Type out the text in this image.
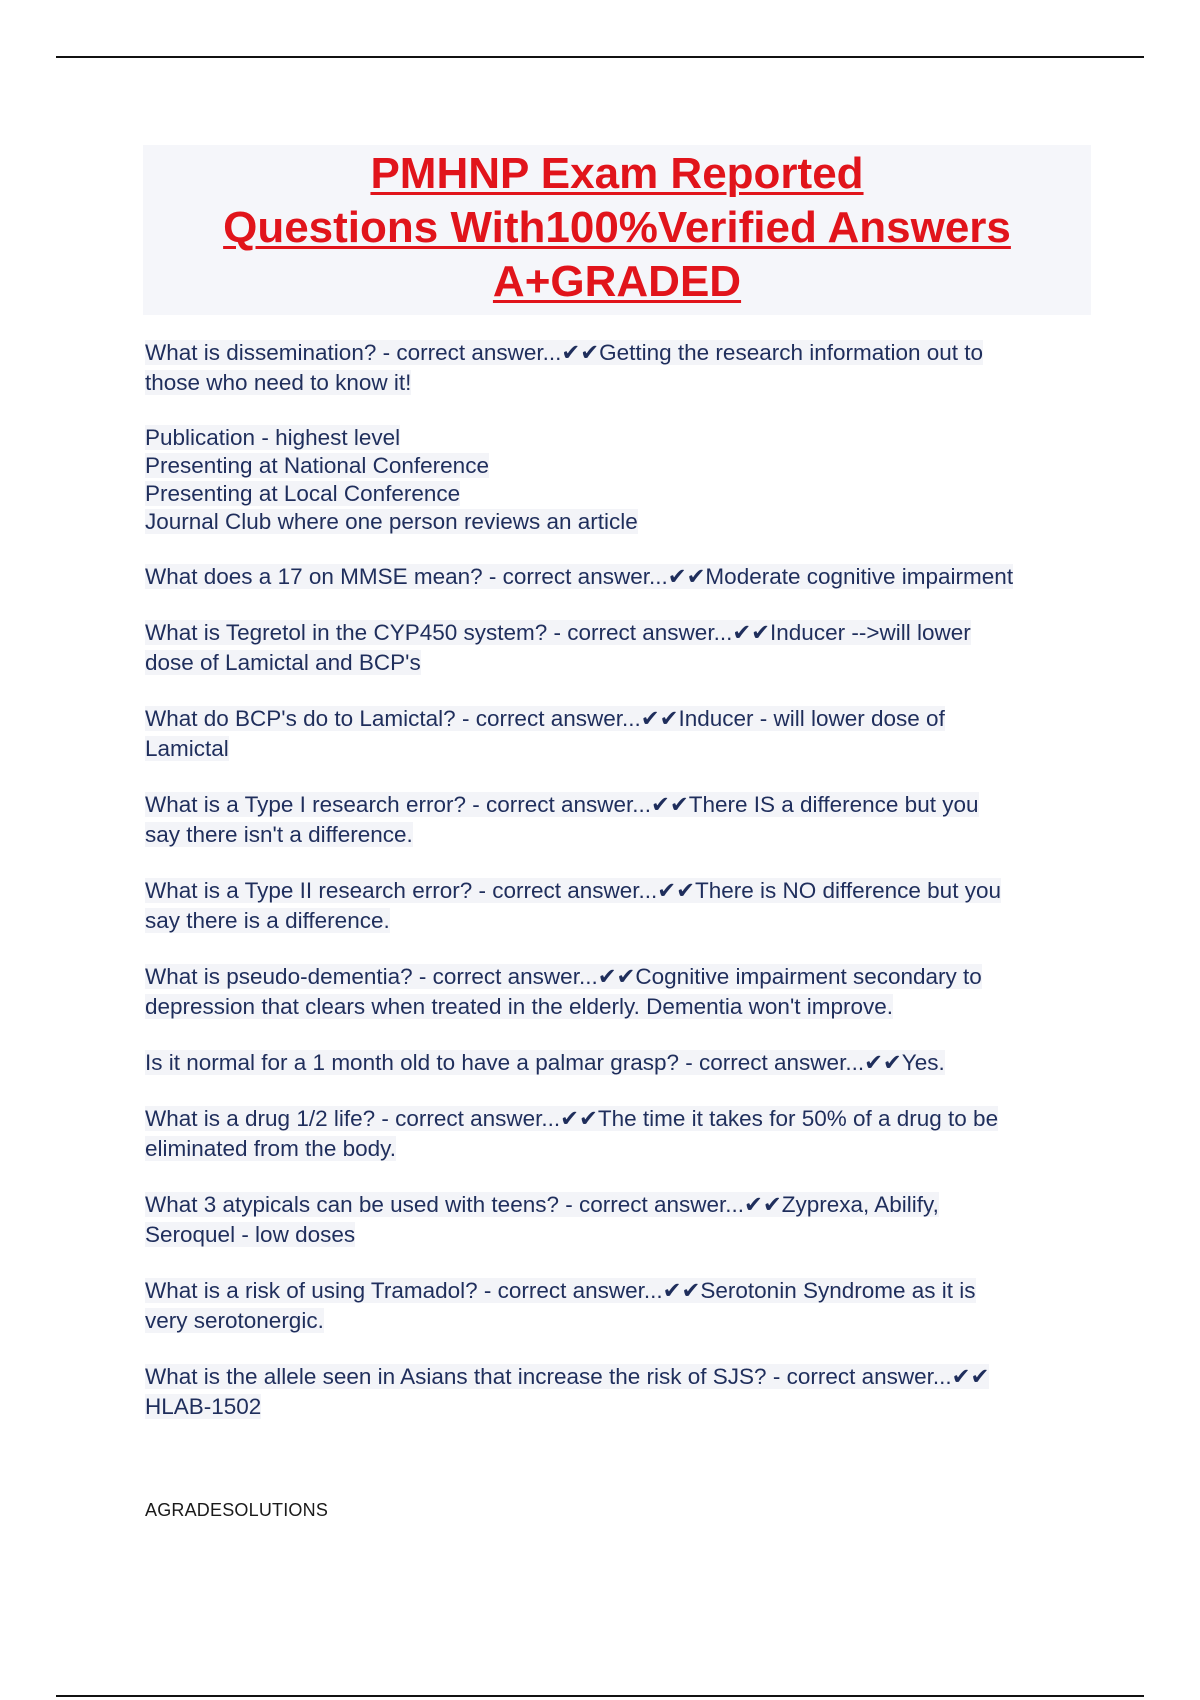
PMHNP Exam Reported
Questions With100%Verified Answers
A+GRADED
What is dissemination? - correct answer...✔✔Getting the research information out to
those who need to know it!
Publication - highest level
Presenting at National Conference
Presenting at Local Conference
Journal Club where one person reviews an article
What does a 17 on MMSE mean? - correct answer...✔✔Moderate cognitive impairment
What is Tegretol in the CYP450 system? - correct answer...✔✔Inducer -->will lower
dose of Lamictal and BCP's
What do BCP's do to Lamictal? - correct answer...✔✔Inducer - will lower dose of
Lamictal
What is a Type I research error? - correct answer...✔✔There IS a difference but you
say there isn't a difference.
What is a Type II research error? - correct answer...✔✔There is NO difference but you
say there is a difference.
What is pseudo-dementia? - correct answer...✔✔Cognitive impairment secondary to
depression that clears when treated in the elderly. Dementia won't improve.
Is it normal for a 1 month old to have a palmar grasp? - correct answer...✔✔Yes.
What is a drug 1/2 life? - correct answer...✔✔The time it takes for 50% of a drug to be
eliminated from the body.
What 3 atypicals can be used with teens? - correct answer...✔✔Zyprexa, Abilify,
Seroquel - low doses
What is a risk of using Tramadol? - correct answer...✔✔Serotonin Syndrome as it is
very serotonergic.
What is the allele seen in Asians that increase the risk of SJS? - correct answer...✔✔
HLAB-1502
AGRADESOLUTIONS
